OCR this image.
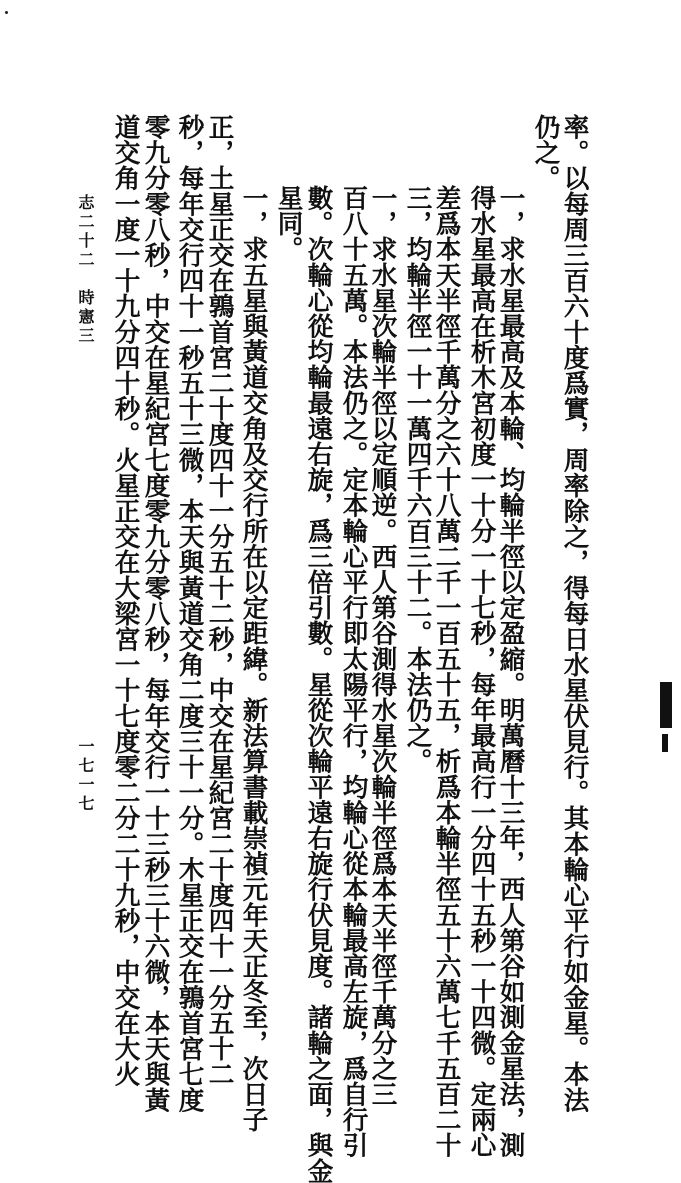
率。以每周三百六十度爲實，周率除之，得每日水星伏見行。其本輪心平行如金星。本法
仍之。
一，求水星最高及本輪、均輪半徑以定盈縮。明萬曆十三年，西人第谷如測金星法，測
得水星最高在析木宮初度一十分一十七秒，每年最高行一分四十五秒一十四微。定兩心
差爲本天半徑千萬分之六十八萬二千一百五十五，析爲本輪半徑五十六萬七千五百二十
三，均輪半徑一十一萬四千六百三十二。本法仍之。
一，求水星次輪半徑以定順逆。西人第谷測得水星次輪半徑爲本天半徑千萬分之三
百八十五萬。本法仍之。定本輪心平行即太陽平行，均輪心從本輪最高左旋，爲自行引
數。次輪心從均輪最遠右旋，爲三倍引數。星從次輪平遠右旋行伏見度。諸輪之面，與金
星同。
一，求五星與黃道交角及交行所在以定距緯。新法算書載崇禎元年天正冬至，次日子
正，土星正交在鶉首宮二十度四十一分五十二秒，中交在星紀宮二十度四十一分五十二
秒，每年交行四十一秒五十三微，本天與黃道交角二度三十一分。木星正交在鶉首宮七度
零九分零八秒，中交在星紀宮七度零九分零八秒，每年交行一十三秒三十六微，本天與黃
道交角一度一十九分四十秒。火星正交在大梁宮一十七度零二分二十九秒，中交在大火
志二十二　時憲三
一七一七
